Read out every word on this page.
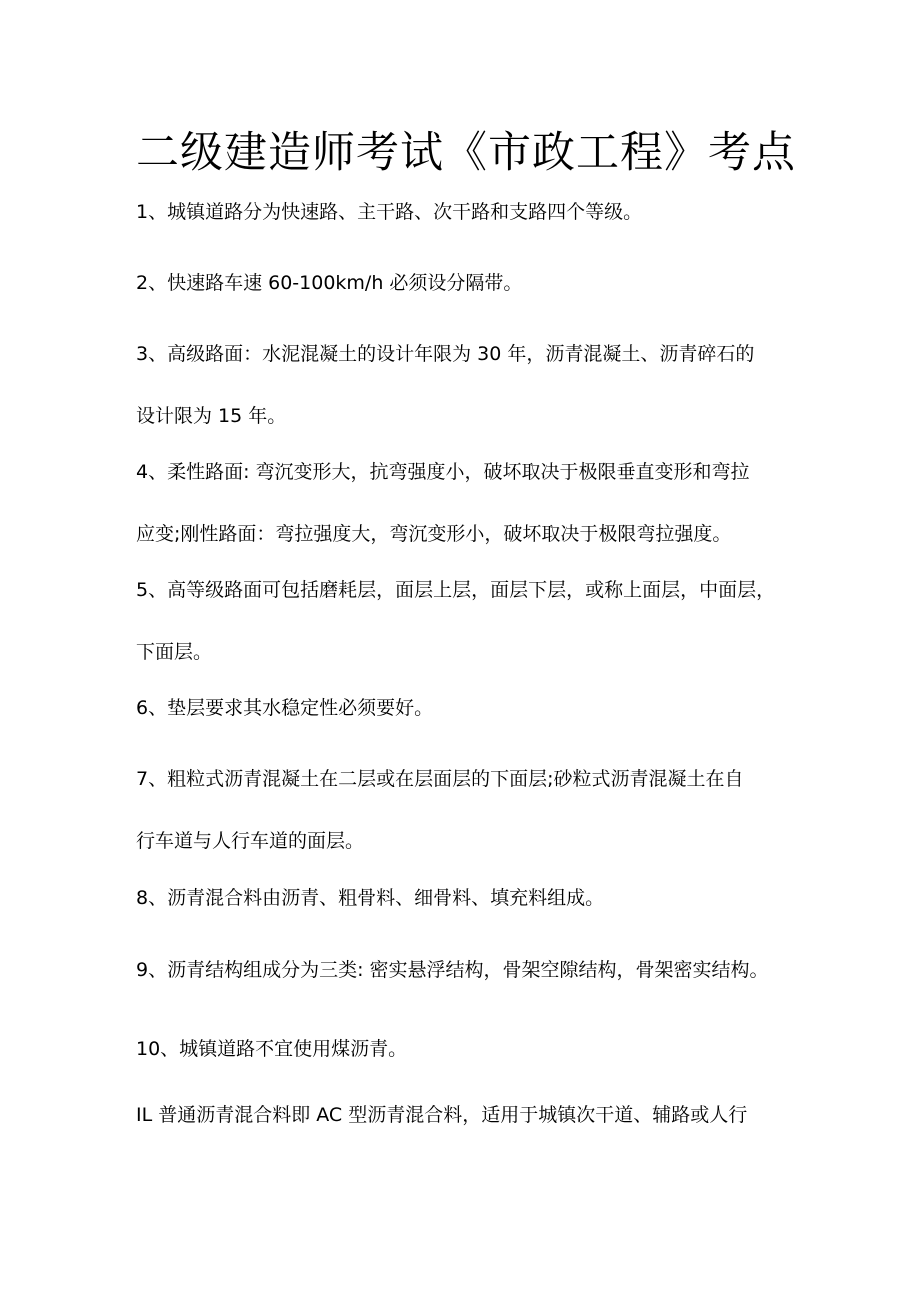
二级建造师考试《市政工程》考点

1、城镇道路分为快速路、主干路、次干路和支路四个等级。

2、快速路车速 60-100km/h 必须设分隔带。

3、高级路面：水泥混凝土的设计年限为 30 年，沥青混凝土、沥青碎石的
设计限为 15 年。

4、柔性路面: 弯沉变形大，抗弯强度小，破坏取决于极限垂直变形和弯拉
应变;刚性路面：弯拉强度大，弯沉变形小，破坏取决于极限弯拉强度。

5、高等级路面可包括磨耗层，面层上层，面层下层，或称上面层，中面层，
下面层。

6、垫层要求其水稳定性必须要好。

7、粗粒式沥青混凝土在二层或在层面层的下面层;砂粒式沥青混凝土在自
行车道与人行车道的面层。

8、沥青混合料由沥青、粗骨料、细骨料、填充料组成。

9、沥青结构组成分为三类: 密实悬浮结构，骨架空隙结构，骨架密实结构。

10、城镇道路不宜使用煤沥青。

IL 普通沥青混合料即 AC 型沥青混合料，适用于城镇次干道、辅路或人行
